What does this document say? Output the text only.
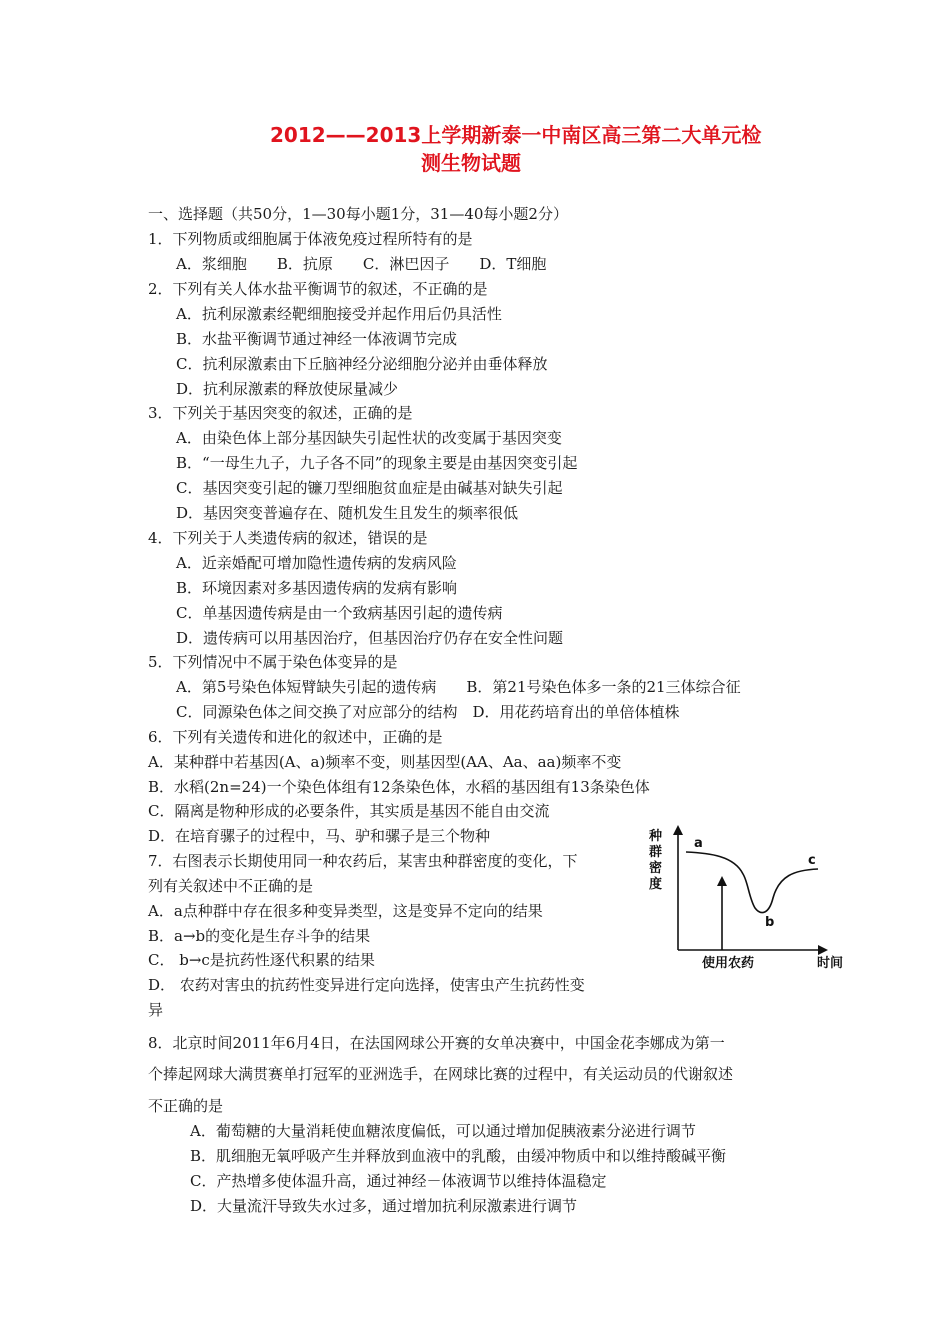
2012——2013上学期新泰一中南区高三第二大单元检
测生物试题
一、选择题（共50分，1—30每小题1分，31—40每小题2分）
1．下列物质或细胞属于体液免疫过程所特有的是
A．浆细胞　　B．抗原　　C．淋巴因子　　D．T细胞
2．下列有关人体水盐平衡调节的叙述，不正确的是
A．抗利尿激素经靶细胞接受并起作用后仍具活性
B．水盐平衡调节通过神经一体液调节完成
C．抗利尿激素由下丘脑神经分泌细胞分泌并由垂体释放
D．抗利尿激素的释放使尿量减少
3．下列关于基因突变的叙述，正确的是
A．由染色体上部分基因缺失引起性状的改变属于基因突变
B．“一母生九子，九子各不同”的现象主要是由基因突变引起
C．基因突变引起的镰刀型细胞贫血症是由碱基对缺失引起
D．基因突变普遍存在、随机发生且发生的频率很低
4．下列关于人类遗传病的叙述，错误的是
A．近亲婚配可增加隐性遗传病的发病风险
B．环境因素对多基因遗传病的发病有影响
C．单基因遗传病是由一个致病基因引起的遗传病
D．遗传病可以用基因治疗，但基因治疗仍存在安全性问题
5．下列情况中不属于染色体变异的是
A．第5号染色体短臂缺失引起的遗传病　　B．第21号染色体多一条的21三体综合征
C．同源染色体之间交换了对应部分的结构　D．用花药培育出的单倍体植株
6．下列有关遗传和进化的叙述中，正确的是
A．某种群中若基因(A、a)频率不变，则基因型(AA、Aa、aa)频率不变
B．水稻(2n=24)一个染色体组有12条染色体，水稻的基因组有13条染色体
C．隔离是物种形成的必要条件，其实质是基因不能自由交流
D．在培育骡子的过程中，马、驴和骡子是三个物种
7．右图表示长期使用同一种农药后，某害虫种群密度的变化，下
列有关叙述中不正确的是
A．a点种群中存在很多种变异类型，这是变异不定向的结果
B．a→b的变化是生存斗争的结果
C． b→c是抗药性逐代积累的结果
D． 农药对害虫的抗药性变异进行定向选择，使害虫产生抗药性变
异
种
群
密
度
a
b
c
使用农药	时间
8．北京时间2011年6月4日，在法国网球公开赛的女单决赛中，中国金花李娜成为第一
个捧起网球大满贯赛单打冠军的亚洲选手，在网球比赛的过程中，有关运动员的代谢叙述
不正确的是
A．葡萄糖的大量消耗使血糖浓度偏低，可以通过增加促胰液素分泌进行调节
B．肌细胞无氧呼吸产生并释放到血液中的乳酸，由缓冲物质中和以维持酸碱平衡
C．产热增多使体温升高，通过神经－体液调节以维持体温稳定
D．大量流汗导致失水过多，通过增加抗利尿激素进行调节
